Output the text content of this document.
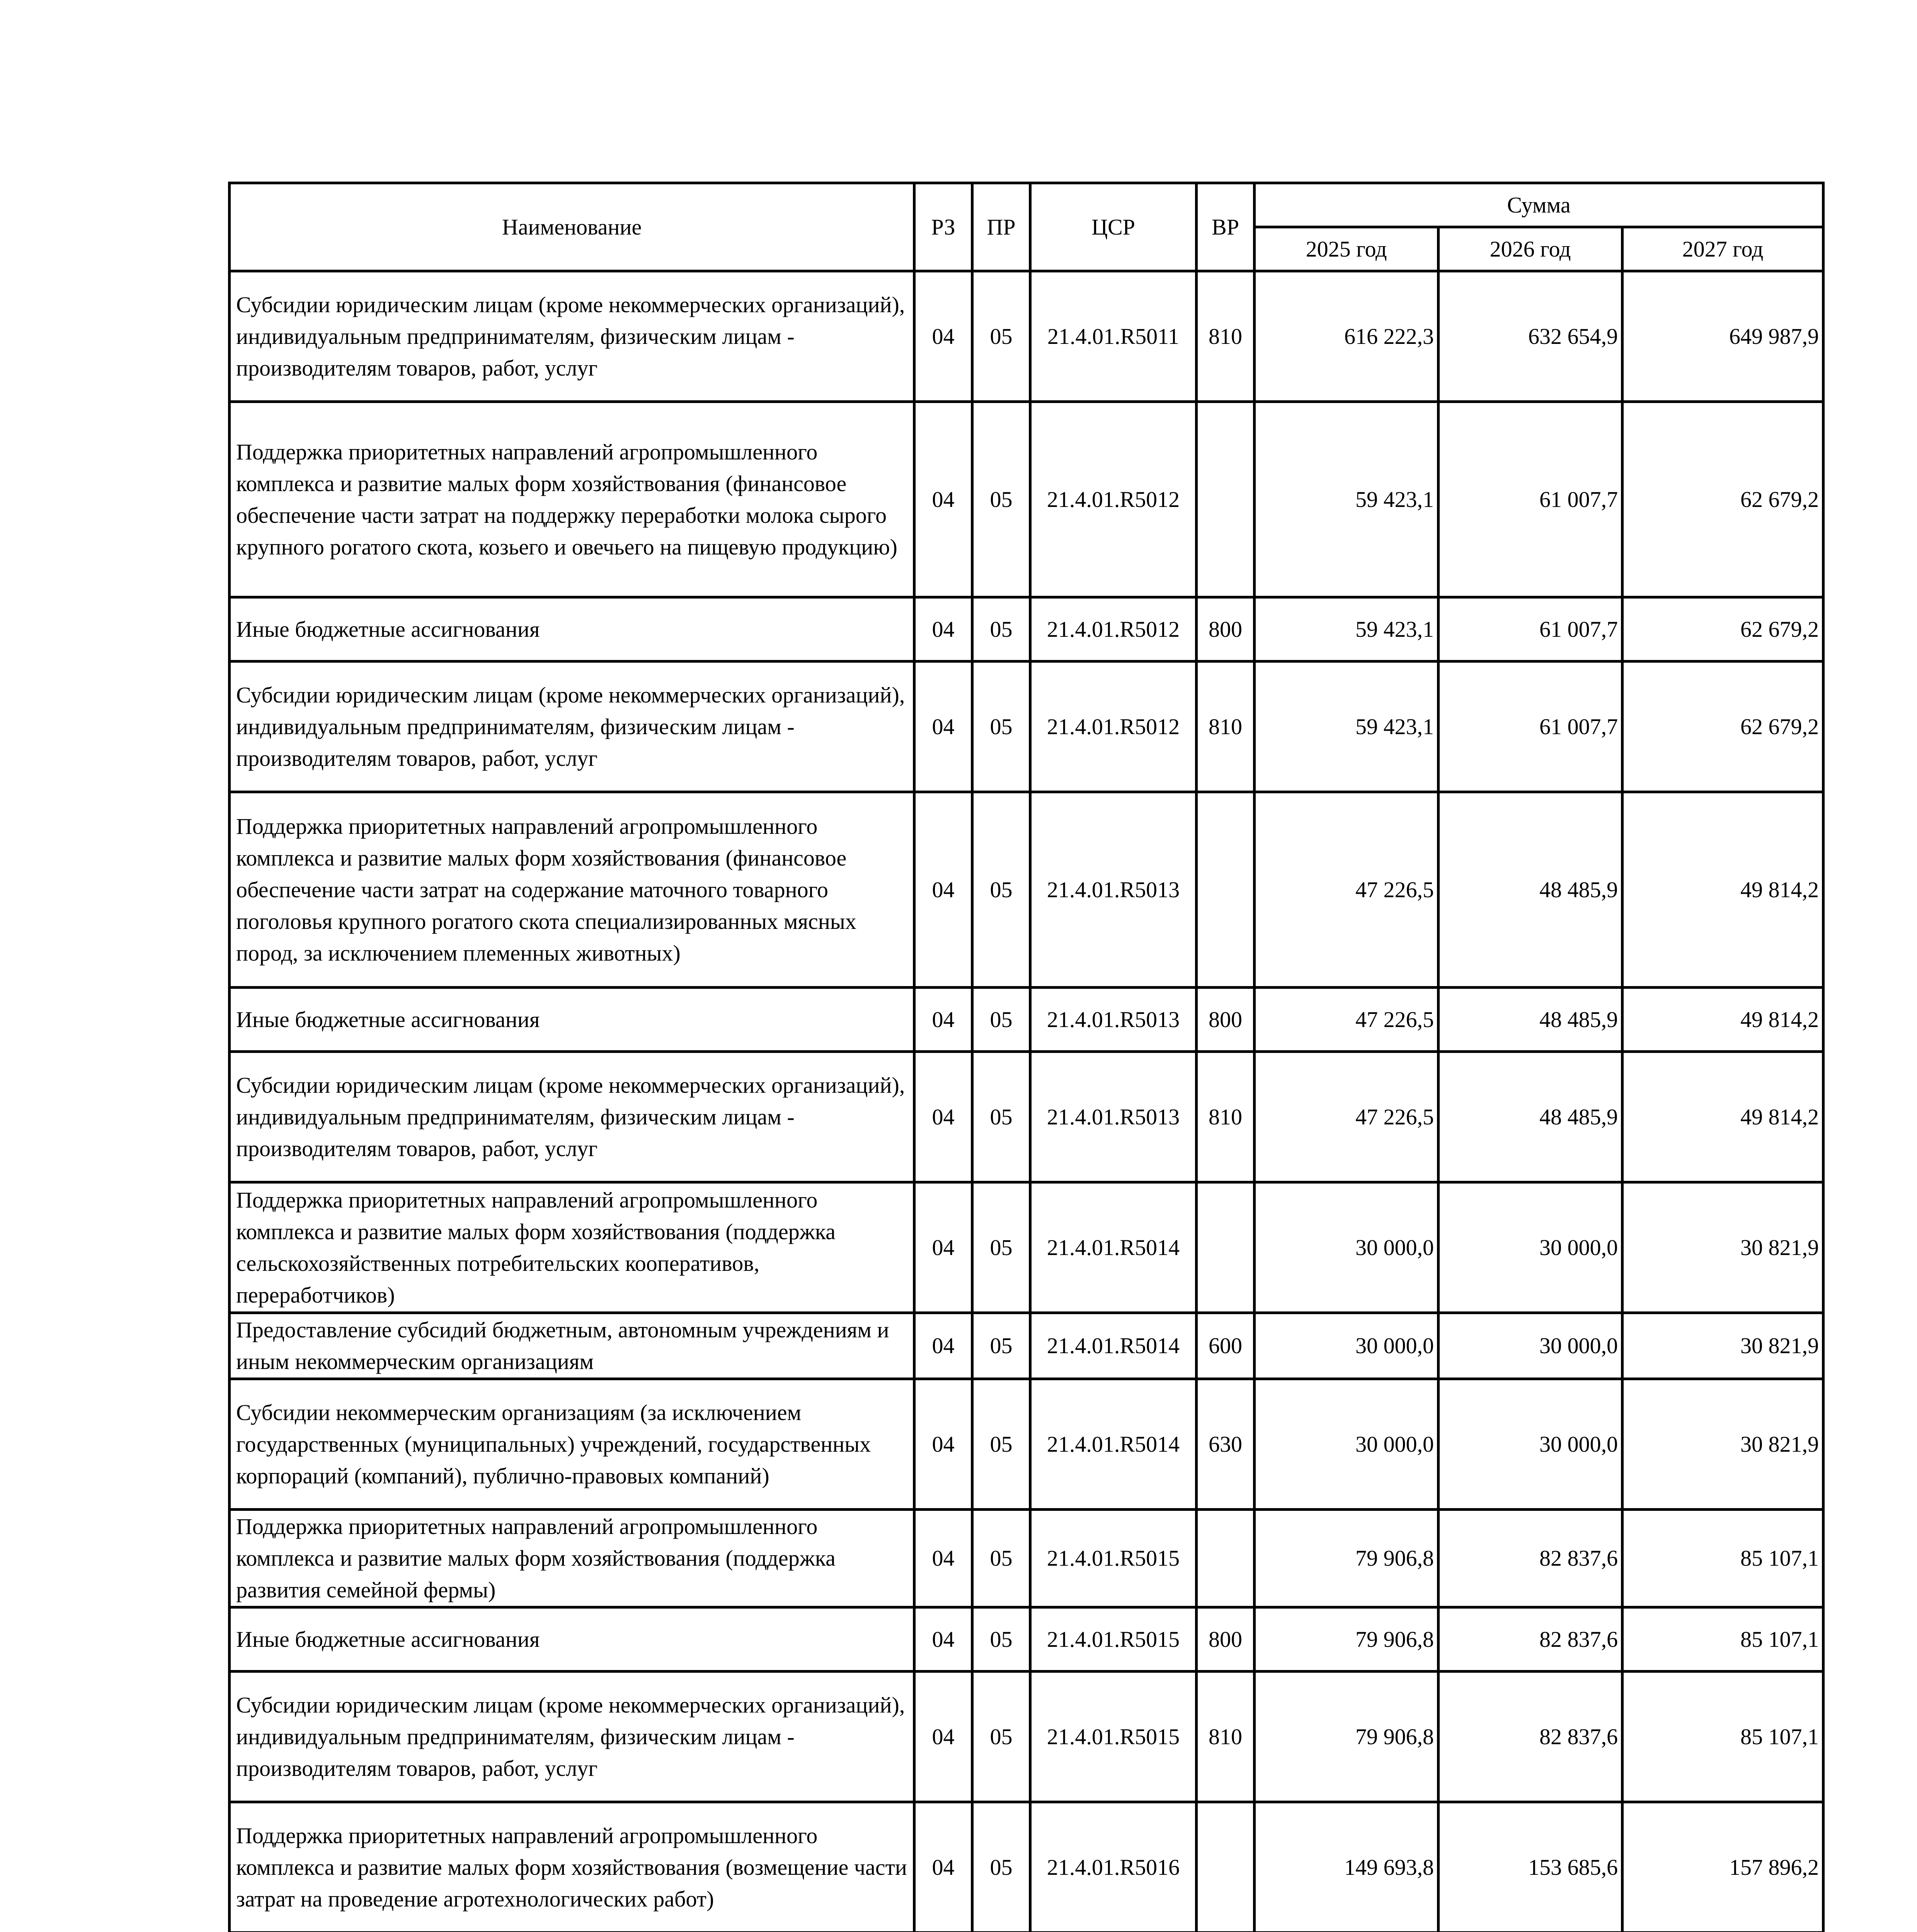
Наименование	РЗ	ПР	ЦСР	ВР	Сумма		
					2025 год	2026 год	2027 год
Субсидии юридическим лицам (кроме некоммерческих организаций), индивидуальным предпринимателям, физическим лицам - производителям товаров, работ, услуг	04	05	21.4.01.R5011	810	616 222,3	632 654,9	649 987,9
Поддержка приоритетных направлений агропромышленного комплекса и развитие малых форм хозяйствования (финансовое обеспечение части затрат на поддержку переработки молока сырого крупного рогатого скота, козьего и овечьего на пищевую продукцию)	04	05	21.4.01.R5012		59 423,1	61 007,7	62 679,2
Иные бюджетные ассигнования	04	05	21.4.01.R5012	800	59 423,1	61 007,7	62 679,2
Субсидии юридическим лицам (кроме некоммерческих организаций), индивидуальным предпринимателям, физическим лицам - производителям товаров, работ, услуг	04	05	21.4.01.R5012	810	59 423,1	61 007,7	62 679,2
Поддержка приоритетных направлений агропромышленного комплекса и развитие малых форм хозяйствования (финансовое обеспечение части затрат на содержание маточного товарного поголовья крупного рогатого скота специализированных мясных пород, за исключением племенных животных)	04	05	21.4.01.R5013		47 226,5	48 485,9	49 814,2
Иные бюджетные ассигнования	04	05	21.4.01.R5013	800	47 226,5	48 485,9	49 814,2
Субсидии юридическим лицам (кроме некоммерческих организаций), индивидуальным предпринимателям, физическим лицам - производителям товаров, работ, услуг	04	05	21.4.01.R5013	810	47 226,5	48 485,9	49 814,2
Поддержка приоритетных направлений агропромышленного комплекса и развитие малых форм хозяйствования (поддержка сельскохозяйственных потребительских кооперативов, переработчиков)	04	05	21.4.01.R5014		30 000,0	30 000,0	30 821,9
Предоставление субсидий бюджетным, автономным учреждениям и иным некоммерческим организациям	04	05	21.4.01.R5014	600	30 000,0	30 000,0	30 821,9
Субсидии некоммерческим организациям (за исключением государственных (муниципальных) учреждений, государственных корпораций (компаний), публично-правовых компаний)	04	05	21.4.01.R5014	630	30 000,0	30 000,0	30 821,9
Поддержка приоритетных направлений агропромышленного комплекса и развитие малых форм хозяйствования (поддержка развития семейной фермы)	04	05	21.4.01.R5015		79 906,8	82 837,6	85 107,1
Иные бюджетные ассигнования	04	05	21.4.01.R5015	800	79 906,8	82 837,6	85 107,1
Субсидии юридическим лицам (кроме некоммерческих организаций), индивидуальным предпринимателям, физическим лицам - производителям товаров, работ, услуг	04	05	21.4.01.R5015	810	79 906,8	82 837,6	85 107,1
Поддержка приоритетных направлений агропромышленного комплекса и развитие малых форм хозяйствования (возмещение части затрат на проведение агротехнологических работ)	04	05	21.4.01.R5016		149 693,8	153 685,6	157 896,2
